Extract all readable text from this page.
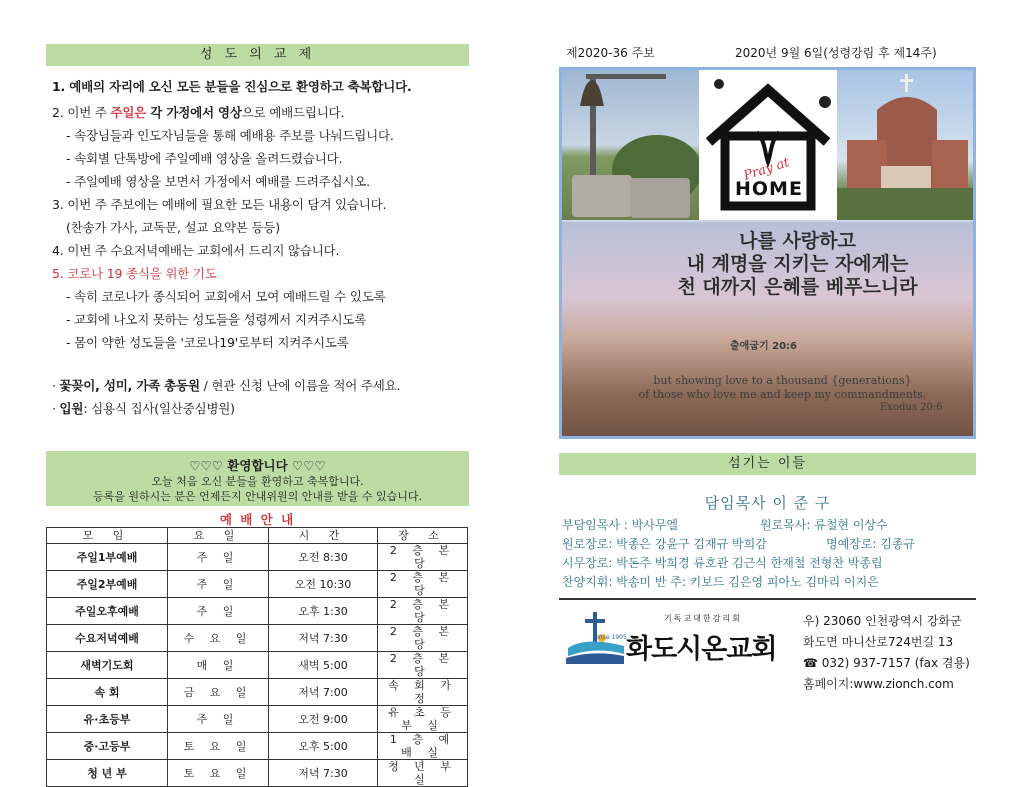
성 도 의 교 제
1. 예배의 자리에 오신 모든 분들을 진심으로 환영하고 축복합니다.
2. 이번 주 주일은 각 가정에서 영상으로 예배드립니다.
- 속장님들과 인도자님들을 통해 예배용 주보를 나눠드립니다.
- 속회별 단톡방에 주일예배 영상을 올려드렸습니다.
- 주일예배 영상을 보면서 가정에서 예배를 드려주십시오.
3. 이번 주 주보에는 예배에 필요한 모든 내용이 담겨 있습니다.
(찬송가 가사, 교독문, 설교 요약본 등등)
4. 이번 주 수요저녁예배는 교회에서 드리지 않습니다.
5. 코로나 19 종식을 위한 기도
- 속히 코로나가 종식되어 교회에서 모여 예배드릴 수 있도록
- 교회에 나오지 못하는 성도들을 성령께서 지켜주시도록
- 몸이 약한 성도들을 '코로나19'로부터 지켜주시도록
· 꽃꽂이, 성미, 가족 총동원 / 현관 신청 난에 이름을 적어 주세요.
· 입원: 심용식 집사(일산중심병원)
♡♡♡ 환영합니다 ♡♡♡
오늘 처음 오신 분들을 환영하고 축복합니다.
등록을 원하시는 분은 언제든지 안내위원의 안내를 받을 수 있습니다.
예 배 안 내
모 임	요 일	시 간	장 소
주일1부예배	주 일	오전 8:30	2 층 본 당
주일2부예배	주 일	오전 10:30	2 층 본 당
주일오후예배	주 일	오후 1:30	2 층 본 당
수요저녁예배	수 요 일	저녁 7:30	2 층 본 당
새벽기도회	매 일	새벽 5:00	2 층 본 당
속 회	금 요 일	저녁 7:00	속 회 가 정
유·초등부	주 일	오전 9:00	유 초 등 부 실
중·고등부	토 요 일	오후 5:00	1 층 예 배 실
청 년 부	토 요 일	저녁 7:30	청 년 부 실
제2020-36 주보	2020년 9월 6일(성령강림 후 제14주)
Pray at
HOME
나를 사랑하고
내 계명을 지키는 자에게는
천 대까지 은혜를 베푸느니라
출애굽기 20:6
but showing love to a thousand {generations}
of those who love me and keep my commandments.
Exodus 20:6
섬기는 이들
담임목사 이 준 구
부담임목사 : 박사무엘	원로목사: 류철현 이상수
원로장로: 박종은 강윤구 김재규 박희감	명예장로: 김종규
시무장로: 박돈주 박희경 류호관 김근식 한재철 전형찬 박종립
찬양지휘: 박송미 반 주: 키보드 김은영 피아노 김마리 이지은
since 1905
기독교대한감리회
화도시온교회
우) 23060 인천광역시 강화군
화도면 마니산로724번길 13
☎ 032) 937-7157 (fax 겸용)
홈페이지:www.zionch.com
